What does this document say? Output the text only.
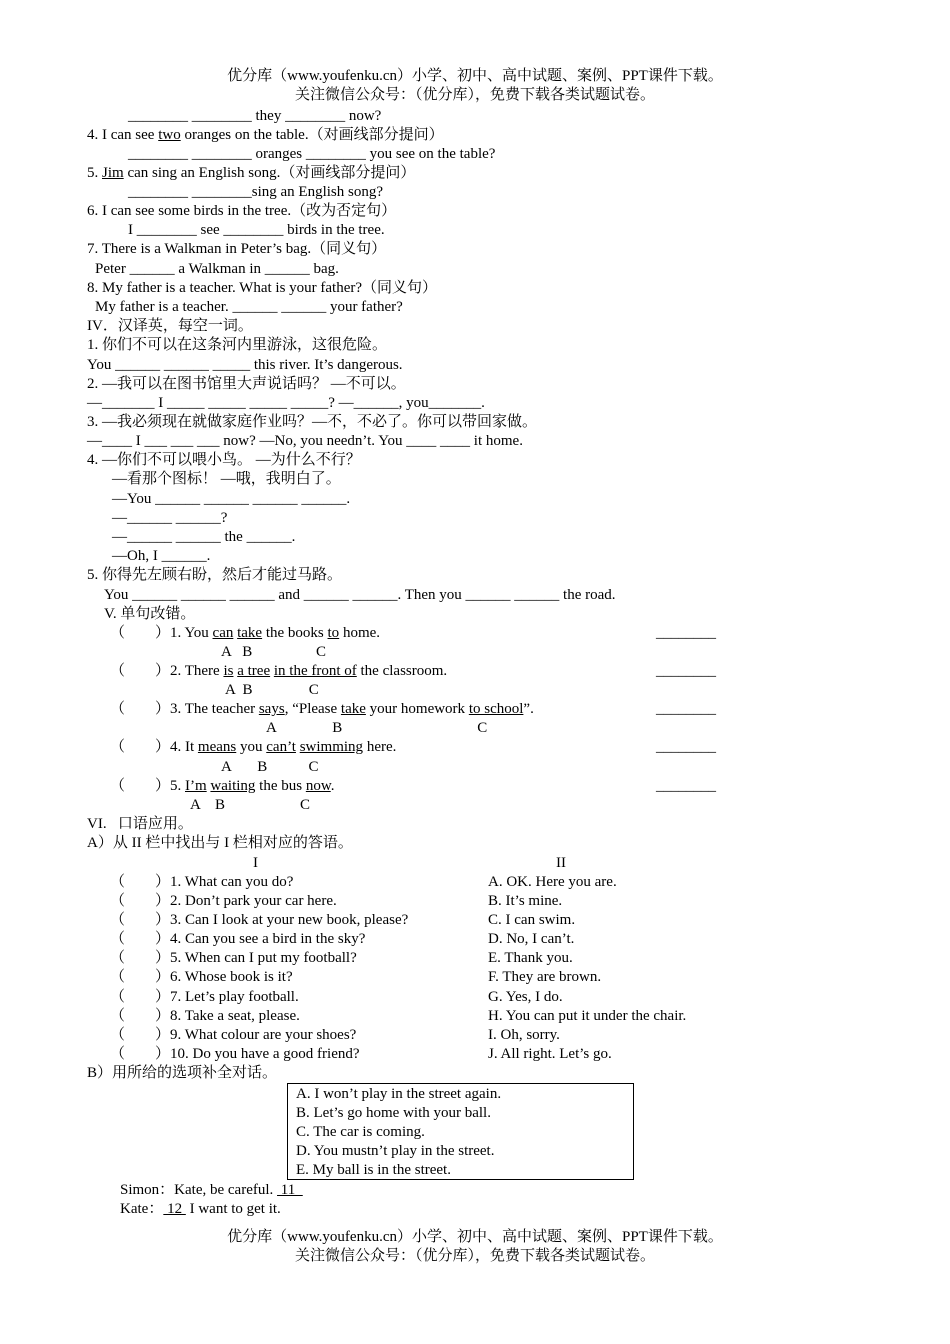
优分库（www.youfenku.cn）小学、初中、高中试题、案例、PPT课件下载。
关注微信公众号：（优分库），免费下载各类试题试卷。
________ ________ they ________ now?
4. I can see two oranges on the table.（对画线部分提问）
________ ________ oranges ________ you see on the table?
5. Jim can sing an English song.（对画线部分提问）
________ ________sing an English song?
6. I can see some birds in the tree.（改为否定句）
I ________ see ________ birds in the tree.
7. There is a Walkman in Peter’s bag.（同义句）
Peter ______ a Walkman in ______ bag.
8. My father is a teacher. What is your father?（同义句）
My father is a teacher. ______ ______ your father?
IV．汉译英，每空一词。
1. 你们不可以在这条河内里游泳，这很危险。
You ______ ______ _____ this river. It’s dangerous.
2. —我可以在图书馆里大声说话吗？ —不可以。
—_______ I _____ _____ _____ _____? —______, you_______.
3. —我必须现在就做家庭作业吗？—不，不必了。你可以带回家做。
—____ I ___ ___ ___ now? —No, you needn’t. You ____ ____ it home.
4. —你们不可以喂小鸟。 —为什么不行？
—看那个图标！ —哦，我明白了。
—You ______ ______ ______ ______.
—______ ______?
—______ ______ the ______.
—Oh, I ______.
5. 你得先左顾右盼，然后才能过马路。
You ______ ______ ______ and ______ ______. Then you ______ ______ the road.
V. 单句改错。
（        ） 1. You can take the books to home.	________
A   B                 C
（        ） 2. There is a tree in the front of the classroom.	________
A  B               C
（        ） 3. The teacher says, “Please take your homework to school”.	________
A               B                                    C
（        ） 4. It means you can’t swimming here.	________
A       B           C
（        ） 5. I’m waiting the bus now.	________
A    B                    C
VI.   口语应用。
A）从 II 栏中找出与 I 栏相对应的答语。
I	II
（        ） 1. What can you do?	A. OK. Here you are.
（        ） 2. Don’t park your car here.	B. It’s mine.
（        ） 3. Can I look at your new book, please?	C. I can swim.
（        ） 4. Can you see a bird in the sky?	D. No, I can’t.
（        ） 5. When can I put my football?	E. Thank you.
（        ） 6. Whose book is it?	F. They are brown.
（        ） 7. Let’s play football.	G. Yes, I do.
（        ） 8. Take a seat, please.	H. You can put it under the chair.
（        ） 9. What colour are your shoes?	I. Oh, sorry.
（        ） 10. Do you have a good friend?	J. All right. Let’s go.
B）用所给的选项补全对话。
A. I won’t play in the street again.
B. Let’s go home with your ball.
C. The car is coming.
D. You mustn’t play in the street.
E. My ball is in the street.
Simon：Kate, be careful.  11
Kate： 12  I want to get it.
优分库（www.youfenku.cn）小学、初中、高中试题、案例、PPT课件下载。
关注微信公众号：（优分库），免费下载各类试题试卷。
